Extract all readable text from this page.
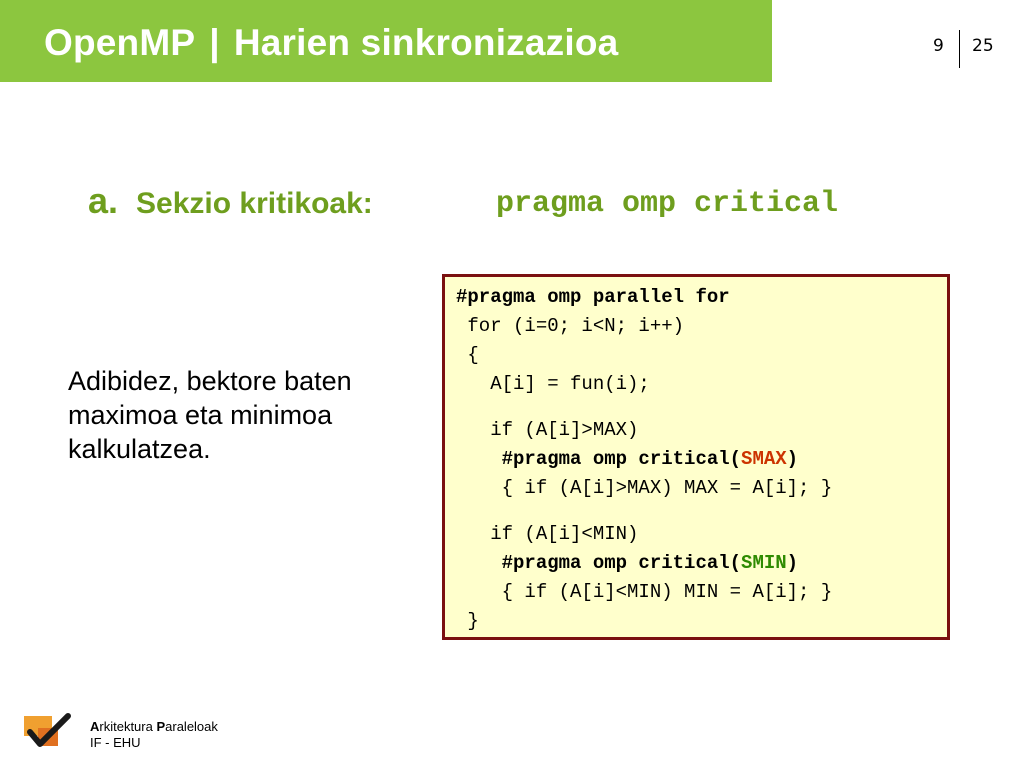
OpenMP | Harien sinkronizazioa	9 25
a. Sekzio kritikoak:	pragma omp critical
Adibidez, bektore baten
maximoa eta minimoa
kalkulatzea.
#pragma omp parallel for
for (i=0; i<N; i++)
{
A[i] = fun(i);
if (A[i]>MAX)
#pragma omp critical(SMAX)
{ if (A[i]>MAX) MAX = A[i]; }
if (A[i]<MIN)
#pragma omp critical(SMIN)
{ if (A[i]<MIN) MIN = A[i]; }
}
Arkitektura Paraleloak
IF - EHU
